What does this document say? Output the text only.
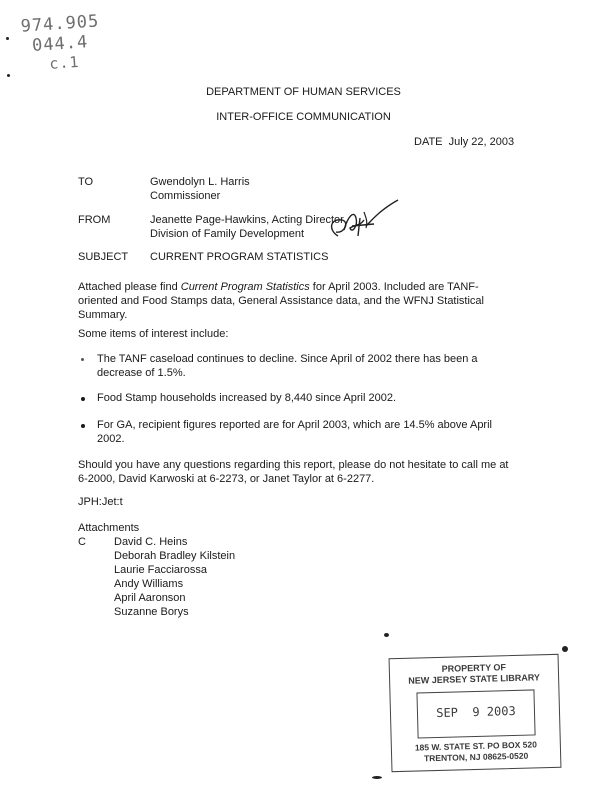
974.905
044.4
c.1
DEPARTMENT OF HUMAN SERVICES
INTER-OFFICE COMMUNICATION
DATE July 22, 2003
TO	Gwendolyn L. Harris
Commissioner
FROM	Jeanette Page-Hawkins, Acting Director
Division of Family Development
SUBJECT CURRENT PROGRAM STATISTICS
Attached please find Current Program Statistics for April 2003. Included are TANF-
oriented and Food Stamps data, General Assistance data, and the WFNJ Statistical
Summary.
Some items of interest include:
The TANF caseload continues to decline. Since April of 2002 there has been a
decrease of 1.5%.
Food Stamp households increased by 8,440 since April 2002.
For GA, recipient figures reported are for April 2003, which are 14.5% above April
2002.
Should you have any questions regarding this report, please do not hesitate to call me at
6-2000, David Karwoski at 6-2273, or Janet Taylor at 6-2277.
JPH:Jet:t
Attachments
C	David C. Heins
Deborah Bradley Kilstein
Laurie Facciarossa
Andy Williams
April Aaronson
Suzanne Borys
PROPERTY OF
NEW JERSEY STATE LIBRARY
SEP  9 2003
185 W. STATE ST. PO BOX 520
TRENTON, NJ 08625-0520
